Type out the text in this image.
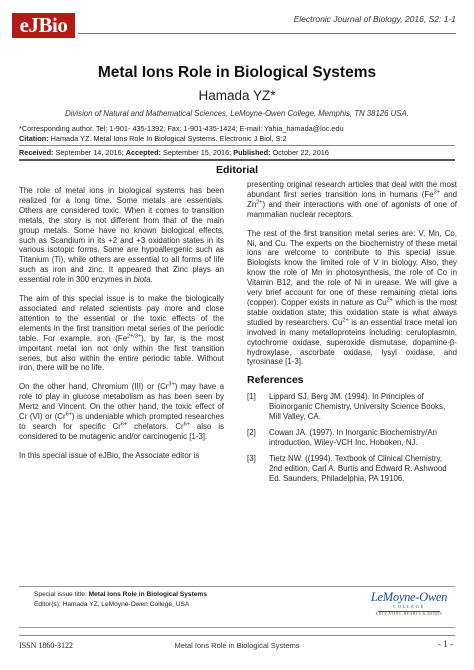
eJBio	Electronic Journal of Biology, 2016, S2: 1-1
Metal Ions Role in Biological Systems
Hamada YZ*
Division of Natural and Mathematical Sciences, LeMoyne-Owen College, Memphis, TN 38126 USA.
*Corresponding author. Tel: 1-901- 435-1392; Fax: 1-901-435-1424; E-mail: Yahia_hamada@loc.edu
Citation: Hamada YZ. Metal Ions Role In Biological Systems. Electronic J Biol, S:2
Received: September 14, 2016; Accepted: September 15, 2016; Published: October 22, 2016
Editorial

The role of metal ions in biological systems has been realized for a long time. Some metals are essentials. Others are considered toxic. When it comes to transition metals, the story is not different from that of the main group metals. Some have no known biological effects, such as Scandium in its +2 and +3 oxidation states in its various isotopic forms. Some are hypoallergenic such as Titanium (Ti), while others are essential to all forms of life such as iron and zinc. It appeared that Zinc plays an essential role in 300 enzymes in biota.

The aim of this special issue is to make the biologically associated and related scientists pay more and close attention to the essential or the toxic effects of the elements in the first transition metal series of the periodic table. For example, iron $(Fe^{2+/3+})$, by far, is the most important metal ion not only within the first transition series, but also within the entire periodic table. Without iron, there will be no life.

On the other hand, Chromium (III) or $(Cr^{3+})$ may have a role to play in glucose metabolism as has been seen by Mertz and Vincent. On the other hand, the toxic effect of Cr (VI) or $(Cr^{6+})$ is undeniable which prompted researches to search for specific $Cr^{6+}$ chelators. $Cr^{6+}$ also is considered to be mutagenic and/or carcinogenic [1-3].

In this special issue of eJBio, the Associate editor is

presenting original research articles that deal with the most abundant first series transition ions in humans ($Fe^{3+}$ and $Zn^{2+}$) and their interactions with one of agonists of one of mammalian nuclear receptors.

The rest of the first transition metal series are: V, Mn, Co, Ni, and Cu. The experts on the biochemistry of these metal ions are welcome to contribute to this special issue. Biologists know the limited role of V in biology. Also, they know the role of Mn in photosynthesis, the role of Co in Vitamin B12, and the role of Ni in urease. We will give a very brief account for one of these remaining metal ions (copper). Copper exists in nature as $Cu^{2+}$ which is the most stable oxidation state; this oxidation state is what always studied by researchers. $Cu^{2+}$ is an essential trace metal ion involved in many metalloproteins including: ceruloplasmin, cytochrome oxidase, superoxide dismutase, dopamine-β-hydroxylase, ascorbate oxidase, lysyl oxidase, and tyrosinase [1-3].

References
[1] Lippard SJ, Berg JM. (1994). In Principles of Bioinorganic Chemistry, University Science Books, Mill Valley, CA.
[2] Cowan JA. (1997). In Inorganic Biochemistry/An introduction, Wiley-VCH Inc. Hoboken, NJ.
[3] Tietz NW. ((1994). Textbook of Clinical Chemistry, 2nd edition, Carl A. Burtis and Edward R. Ashwood Ed. Saunders, Philadelphia, PA 19106.
Special issue title: Metal Ions Role in Biological Systems
Editor(s): Hamada YZ, LeMoyne-Owen College, USA
LeMoyne-Owen
COLLEGE
EDUCATING HEARTS & MINDS
ISSN 1860-3122	Metal Ions Role in Biological Systems	- 1 -
